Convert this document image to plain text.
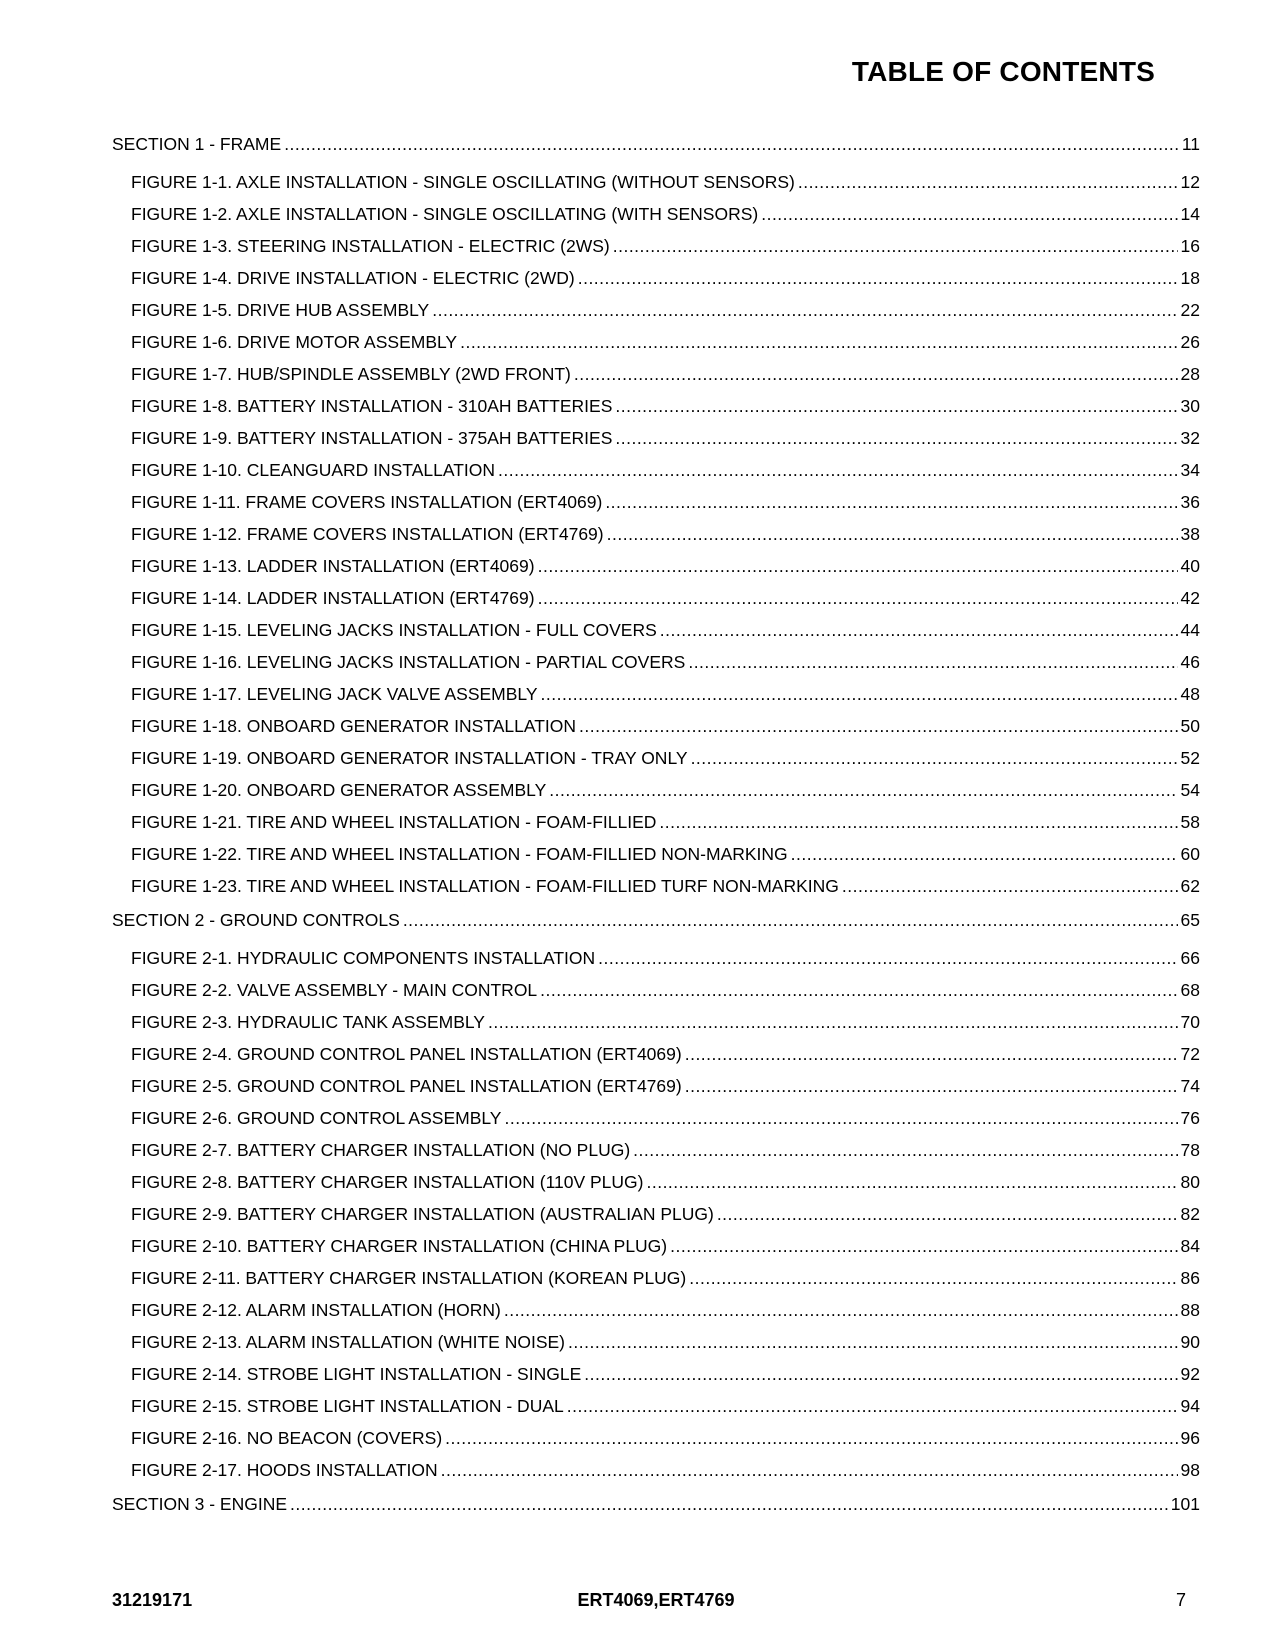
TABLE OF CONTENTS
SECTION 1 - FRAME .....	11
FIGURE 1-1. AXLE INSTALLATION - SINGLE OSCILLATING (WITHOUT SENSORS) .....	12
FIGURE 1-2. AXLE INSTALLATION - SINGLE OSCILLATING (WITH SENSORS) .....	14
FIGURE 1-3. STEERING INSTALLATION - ELECTRIC (2WS) .....	16
FIGURE 1-4. DRIVE INSTALLATION - ELECTRIC (2WD) .....	18
FIGURE 1-5. DRIVE HUB ASSEMBLY .....	22
FIGURE 1-6. DRIVE MOTOR ASSEMBLY .....	26
FIGURE 1-7. HUB/SPINDLE ASSEMBLY (2WD FRONT) .....	28
FIGURE 1-8. BATTERY INSTALLATION - 310AH BATTERIES .....	30
FIGURE 1-9. BATTERY INSTALLATION - 375AH BATTERIES .....	32
FIGURE 1-10. CLEANGUARD INSTALLATION .....	34
FIGURE 1-11. FRAME COVERS INSTALLATION (ERT4069) .....	36
FIGURE 1-12. FRAME COVERS INSTALLATION (ERT4769) .....	38
FIGURE 1-13. LADDER INSTALLATION (ERT4069) .....	40
FIGURE 1-14. LADDER INSTALLATION (ERT4769) .....	42
FIGURE 1-15. LEVELING JACKS INSTALLATION - FULL COVERS .....	44
FIGURE 1-16. LEVELING JACKS INSTALLATION - PARTIAL COVERS .....	46
FIGURE 1-17. LEVELING JACK VALVE ASSEMBLY .....	48
FIGURE 1-18. ONBOARD GENERATOR INSTALLATION .....	50
FIGURE 1-19. ONBOARD GENERATOR INSTALLATION - TRAY ONLY .....	52
FIGURE 1-20. ONBOARD GENERATOR ASSEMBLY .....	54
FIGURE 1-21. TIRE AND WHEEL INSTALLATION - FOAM-FILLIED .....	58
FIGURE 1-22. TIRE AND WHEEL INSTALLATION - FOAM-FILLIED NON-MARKING .....	60
FIGURE 1-23. TIRE AND WHEEL INSTALLATION - FOAM-FILLIED TURF NON-MARKING .....	62
SECTION 2 - GROUND CONTROLS .....	65
FIGURE 2-1. HYDRAULIC COMPONENTS INSTALLATION .....	66
FIGURE 2-2. VALVE ASSEMBLY - MAIN CONTROL .....	68
FIGURE 2-3. HYDRAULIC TANK ASSEMBLY .....	70
FIGURE 2-4. GROUND CONTROL PANEL INSTALLATION (ERT4069) .....	72
FIGURE 2-5. GROUND CONTROL PANEL INSTALLATION (ERT4769) .....	74
FIGURE 2-6. GROUND CONTROL ASSEMBLY .....	76
FIGURE 2-7. BATTERY CHARGER INSTALLATION (NO PLUG) .....	78
FIGURE 2-8. BATTERY CHARGER INSTALLATION (110V PLUG) .....	80
FIGURE 2-9. BATTERY CHARGER INSTALLATION (AUSTRALIAN PLUG) .....	82
FIGURE 2-10. BATTERY CHARGER INSTALLATION (CHINA PLUG) .....	84
FIGURE 2-11. BATTERY CHARGER INSTALLATION (KOREAN PLUG) .....	86
FIGURE 2-12. ALARM INSTALLATION (HORN) .....	88
FIGURE 2-13. ALARM INSTALLATION (WHITE NOISE) .....	90
FIGURE 2-14. STROBE LIGHT INSTALLATION - SINGLE .....	92
FIGURE 2-15. STROBE LIGHT INSTALLATION - DUAL .....	94
FIGURE 2-16. NO BEACON (COVERS) .....	96
FIGURE 2-17. HOODS INSTALLATION .....	98
SECTION 3 - ENGINE .....	101
31219171	ERT4069,ERT4769	7
